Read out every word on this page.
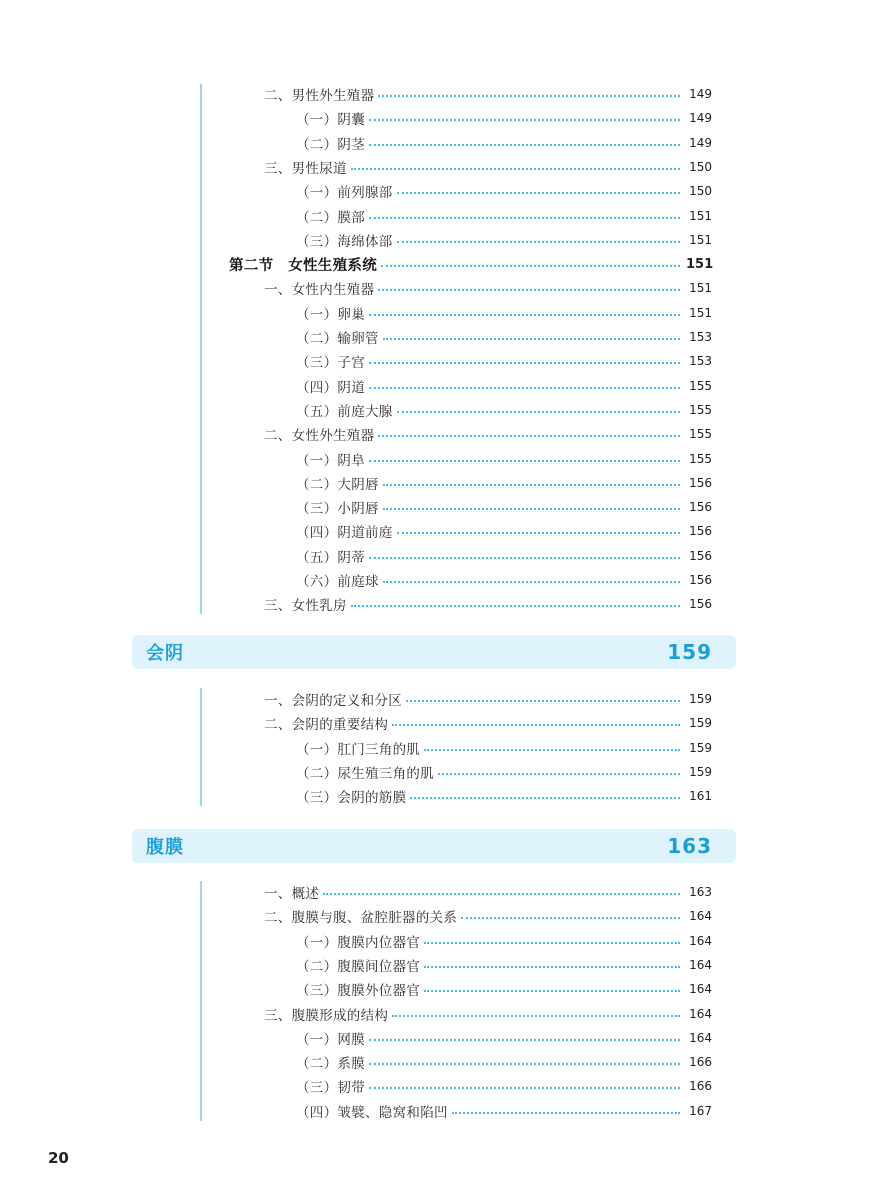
二、男性外生殖器	149
（一）阴囊	149
（二）阴茎	149
三、男性尿道	150
（一）前列腺部	150
（二）膜部	151
（三）海绵体部	151
第二节　女性生殖系统	151
一、女性内生殖器	151
（一）卵巢	151
（二）输卵管	153
（三）子宫	153
（四）阴道	155
（五）前庭大腺	155
二、女性外生殖器	155
（一）阴阜	155
（二）大阴唇	156
（三）小阴唇	156
（四）阴道前庭	156
（五）阴蒂	156
（六）前庭球	156
三、女性乳房	156
会阴	159
一、会阴的定义和分区	159
二、会阴的重要结构	159
（一）肛门三角的肌	159
（二）尿生殖三角的肌	159
（三）会阴的筋膜	161
腹膜	163
一、概述	163
二、腹膜与腹、盆腔脏器的关系	164
（一）腹膜内位器官	164
（二）腹膜间位器官	164
（三）腹膜外位器官	164
三、腹膜形成的结构	164
（一）网膜	164
（二）系膜	166
（三）韧带	166
（四）皱襞、隐窝和陷凹	167
20
